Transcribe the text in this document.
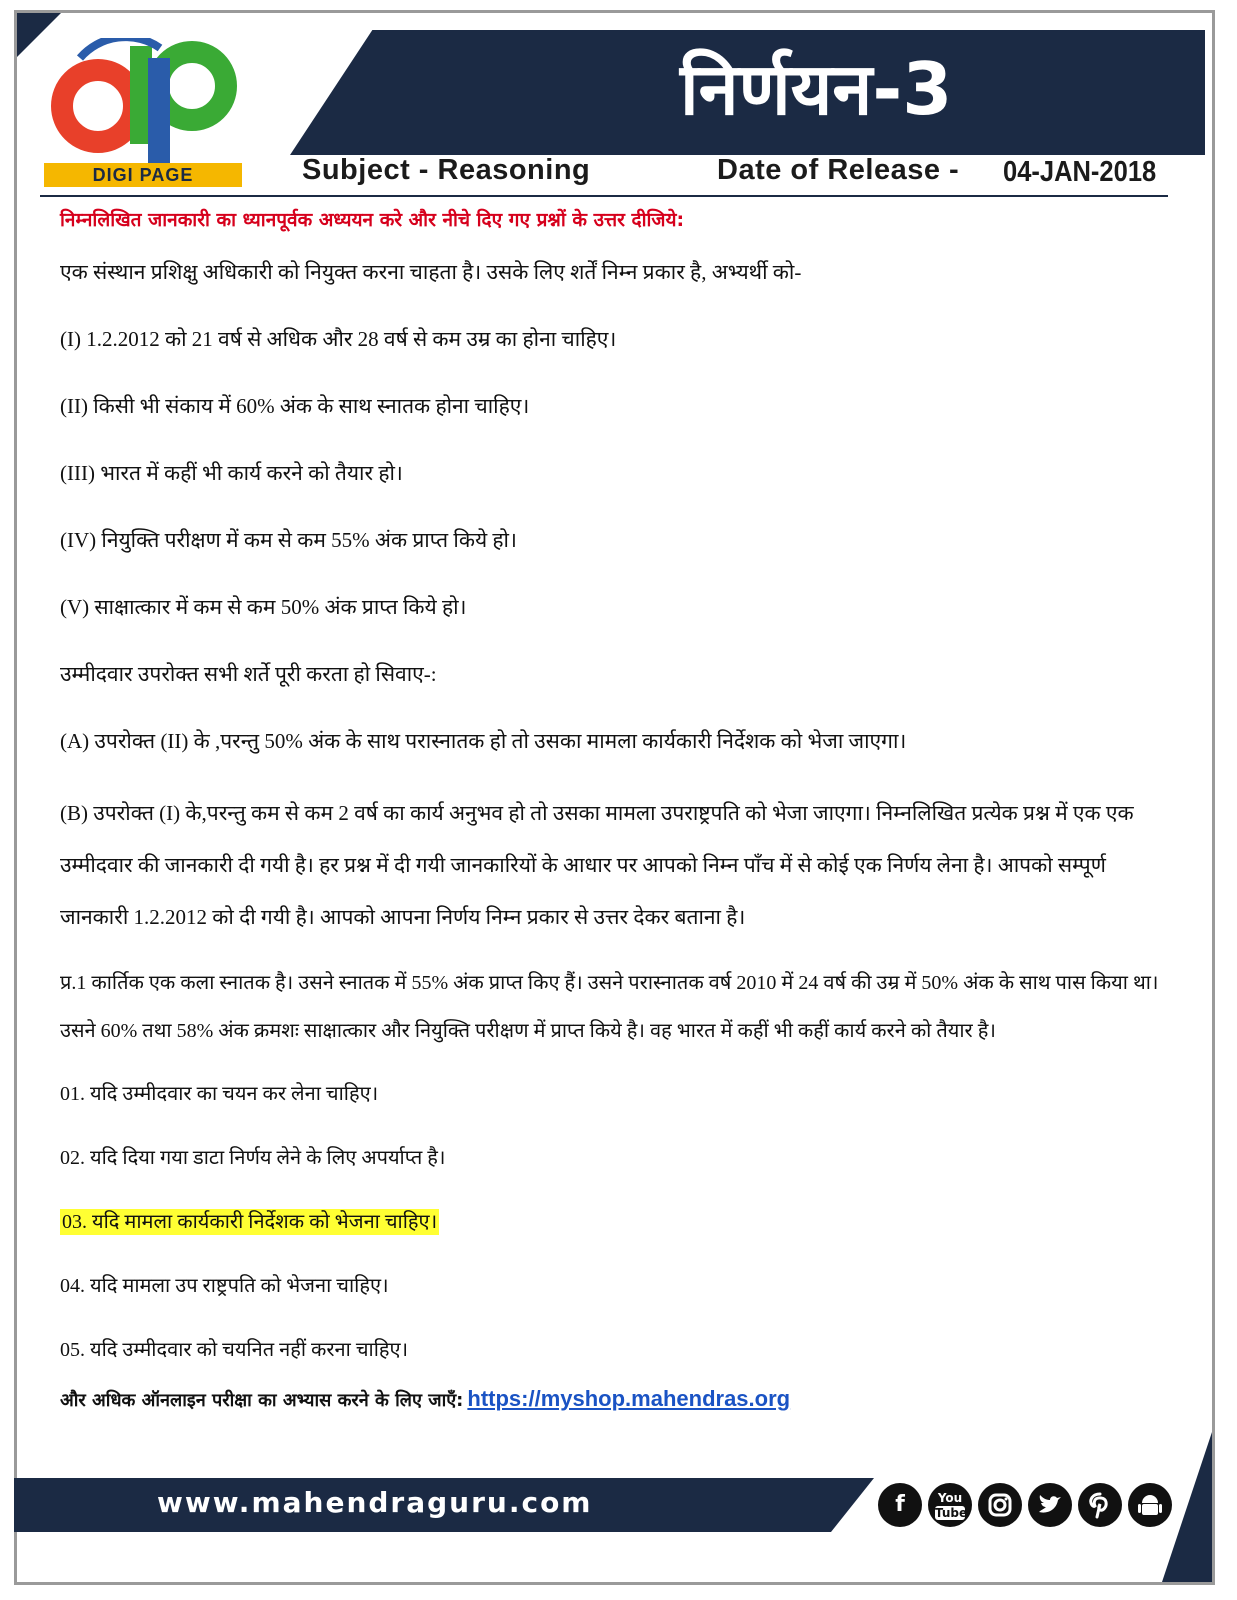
निर्णयन-3
DIGI PAGE	Subject - Reasoning	Date of Release - 04-JAN-2018

निम्नलिखित जानकारी का ध्यानपूर्वक अध्ययन करे और नीचे दिए गए प्रश्नों के उत्तर दीजिये:

एक संस्थान प्रशिक्षु अधिकारी को नियुक्त करना चाहता है। उसके लिए शर्तें निम्न प्रकार है, अभ्यर्थी को-

(I) 1.2.2012 को 21 वर्ष से अधिक और 28 वर्ष से कम उम्र का होना चाहिए।

(II) किसी भी संकाय में 60% अंक के साथ स्नातक होना चाहिए।

(III) भारत में कहीं भी कार्य करने को तैयार हो।

(IV) नियुक्ति परीक्षण में कम से कम 55% अंक प्राप्त किये हो।

(V) साक्षात्कार में कम से कम 50% अंक प्राप्त किये हो।

उम्मीदवार उपरोक्त सभी शर्ते पूरी करता हो सिवाए-:

(A) उपरोक्त (II) के ,परन्तु 50% अंक के साथ परास्नातक हो तो उसका मामला कार्यकारी निर्देशक को भेजा जाएगा।

(B) उपरोक्त (I) के,परन्तु कम से कम 2 वर्ष का कार्य अनुभव हो तो उसका मामला उपराष्ट्रपति को भेजा जाएगा। निम्नलिखित प्रत्येक प्रश्न में एक एक उम्मीदवार की जानकारी दी गयी है। हर प्रश्न में दी गयी जानकारियों के आधार पर आपको निम्न पाँच में से कोई एक निर्णय लेना है। आपको सम्पूर्ण जानकारी 1.2.2012 को दी गयी है। आपको आपना निर्णय निम्न प्रकार से उत्तर देकर बताना है।

प्र.1 कार्तिक एक कला स्नातक है। उसने स्नातक में 55% अंक प्राप्त किए हैं। उसने परास्नातक वर्ष 2010 में 24 वर्ष की उम्र में 50% अंक के साथ पास किया था। उसने 60% तथा 58% अंक क्रमशः साक्षात्कार और नियुक्ति परीक्षण में प्राप्त किये है। वह भारत में कहीं भी कहीं कार्य करने को तैयार है।

01. यदि उम्मीदवार का चयन कर लेना चाहिए।

02. यदि दिया गया डाटा निर्णय लेने के लिए अपर्याप्त है।

03. यदि मामला कार्यकारी निर्देशक को भेजना चाहिए।

04. यदि मामला उप राष्ट्रपति को भेजना चाहिए।

05. यदि उम्मीदवार को चयनित नहीं करना चाहिए।

और अधिक ऑनलाइन परीक्षा का अभ्यास करने के लिए जाएँ: https://myshop.mahendras.org

www.mahendraguru.com	f	You
Tube
